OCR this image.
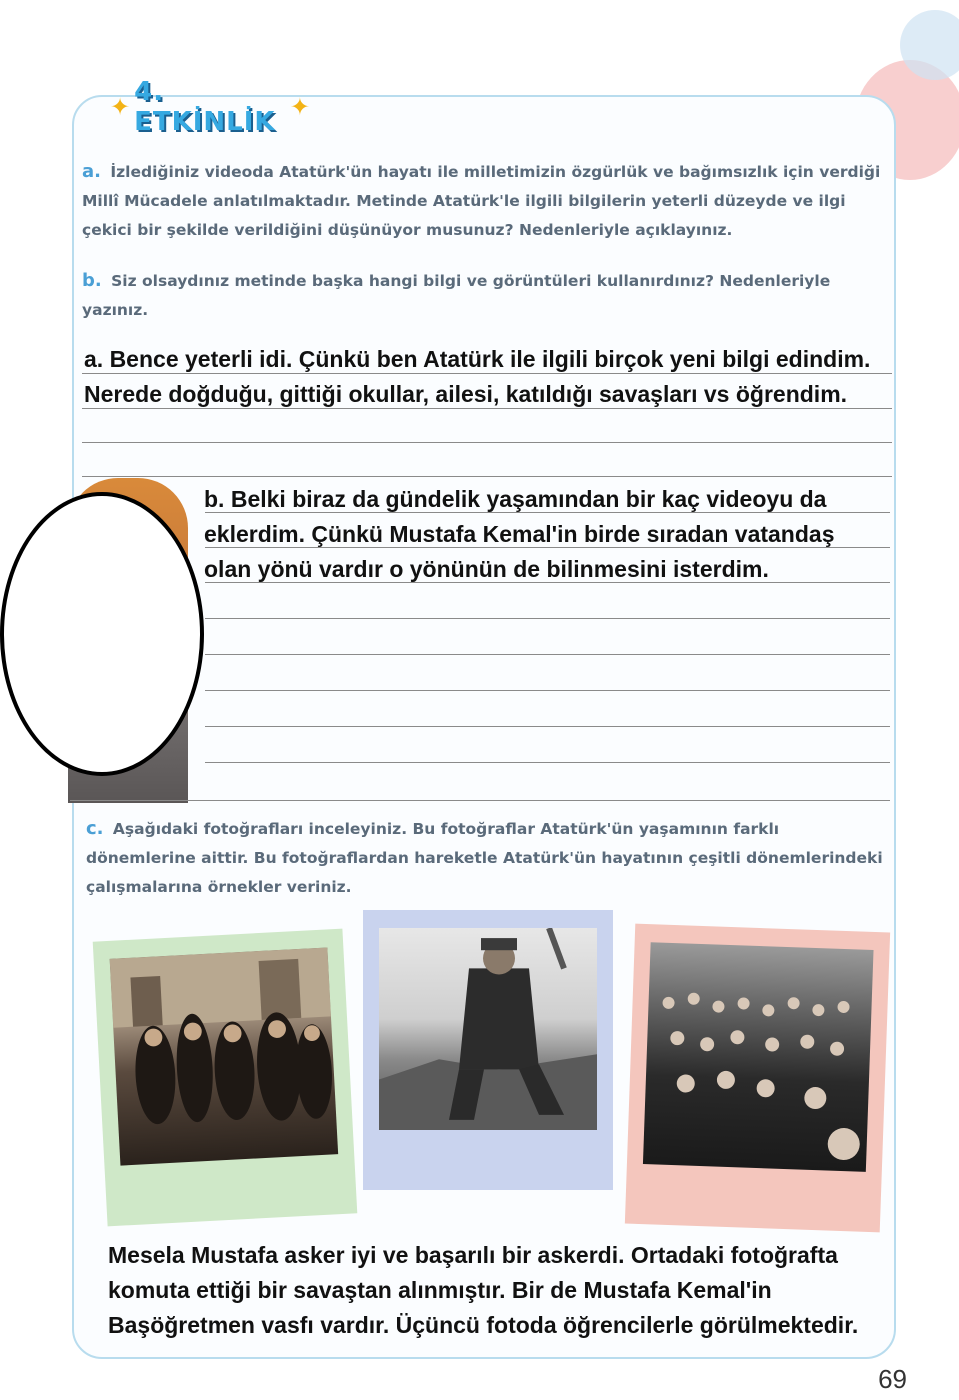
✦ 4. ETKİNLİK ✦
a. İzlediğiniz videoda Atatürk'ün hayatı ile milletimizin özgürlük ve bağımsızlık için verdiği Millî Mücadele anlatılmaktadır. Metinde Atatürk'le ilgili bilgilerin yeterli düzeyde ve ilgi çekici bir şekilde verildiğini düşünüyor musunuz? Nedenleriyle açıklayınız.
b. Siz olsaydınız metinde başka hangi bilgi ve görüntüleri kullanırdınız? Nedenleriyle yazınız.
a. Bence yeterli idi. Çünkü ben Atatürk ile ilgili birçok yeni bilgi edindim. Nerede doğduğu, gittiği okullar, ailesi, katıldığı savaşları vs öğrendim.
b. Belki biraz da gündelik yaşamından bir kaç videoyu da eklerdim. Çünkü Mustafa Kemal'in birde sıradan vatandaş olan yönü vardır o yönünün de bilinmesini isterdim.
c. Aşağıdaki fotoğrafları inceleyiniz. Bu fotoğraflar Atatürk'ün yaşamının farklı dönemlerine aittir. Bu fotoğraflardan hareketle Atatürk'ün hayatının çeşitli dönemlerindeki çalışmalarına örnekler veriniz.
Mesela Mustafa asker iyi ve başarılı bir askerdi. Ortadaki fotoğrafta komuta ettiği bir savaştan alınmıştır. Bir de Mustafa Kemal'in Başöğretmen vasfı vardır. Üçüncü fotoda öğrencilerle görülmektedir.
69
